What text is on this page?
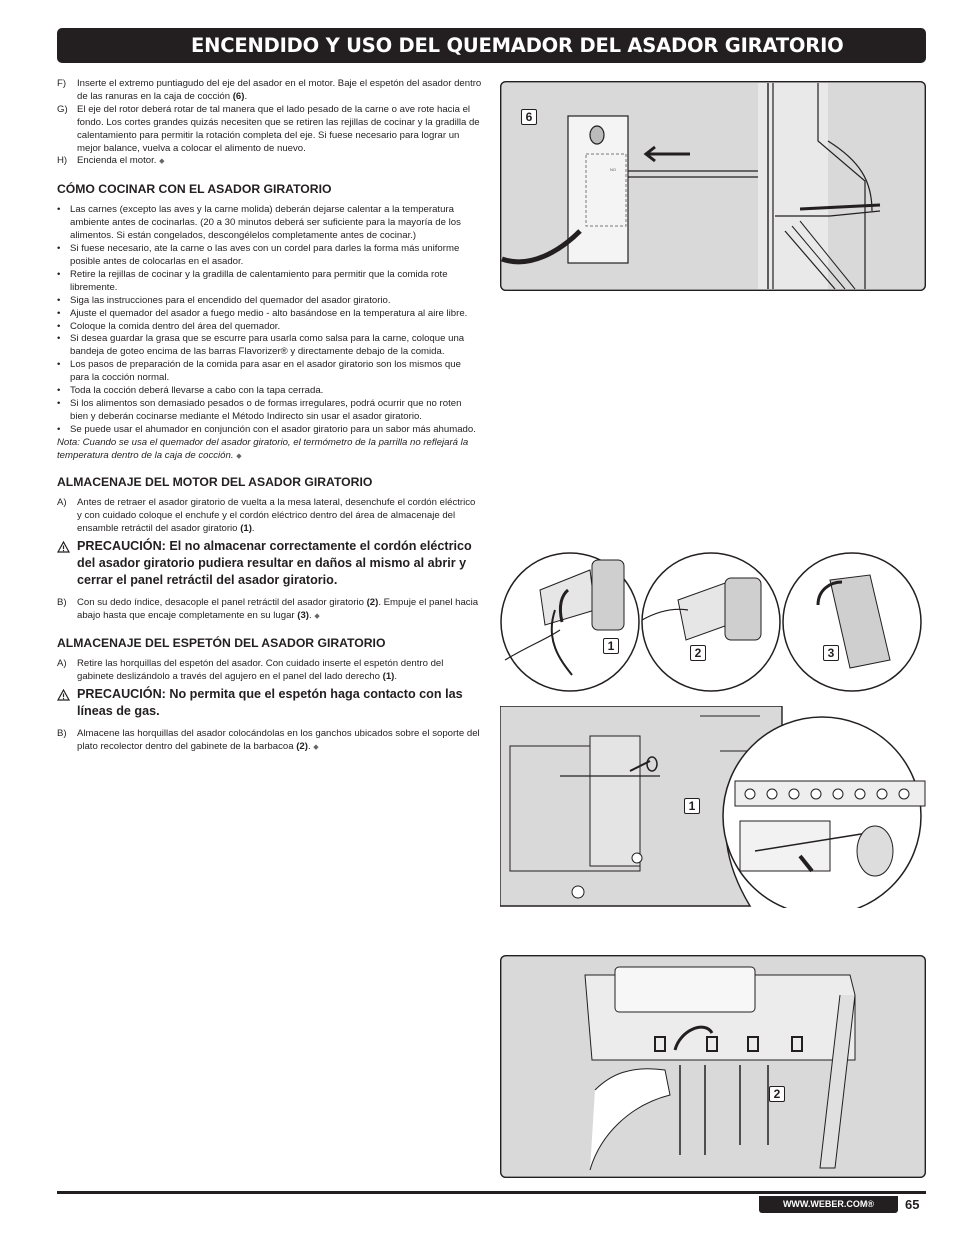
ENCENDIDO Y USO DEL QUEMADOR DEL ASADOR GIRATORIO
F)	Inserte el extremo puntiagudo del eje del asador en el motor. Baje el espetón del asador dentro de las ranuras en la caja de cocción (6).
G) El eje del rotor deberá rotar de tal manera que el lado pesado de la carne o ave rote hacia el fondo. Los cortes grandes quizás necesiten que se retiren las rejillas de cocinar y la gradilla de calentamiento para permitir la rotación completa del eje. Si fuese necesario para lograr un mejor balance, vuelva a colocar el alimento de nuevo.
H)	Encienda el motor. ◆
CÓMO COCINAR CON EL ASADOR GIRATORIO
•	Las carnes (excepto las aves y la carne molida) deberán dejarse calentar a la temperatura ambiente antes de cocinarlas. (20 a 30 minutos deberá ser suficiente para la mayoría de los alimentos. Si están congelados, descongélelos completamente antes de cocinar.)
•	Si fuese necesario, ate la carne o las aves con un cordel para darles la forma más uniforme posible antes de colocarlas en el asador.
•	Retire la rejillas de cocinar y la gradilla de calentamiento para permitir que la comida rote libremente.
•	Siga las instrucciones para el encendido del quemador del asador giratorio.
•	Ajuste el quemador del asador a fuego medio - alto basándose en la temperatura al aire libre.
•	Coloque la comida dentro del área del quemador.
•	Si desea guardar la grasa que se escurre para usarla como salsa para la carne, coloque una bandeja de goteo encima de las barras Flavorizer® y directamente debajo de la comida.
•	Los pasos de preparación de la comida para asar en el asador giratorio son los mismos que para la cocción normal.
•	Toda la cocción deberá llevarse a cabo con la tapa cerrada.
•	Si los alimentos son demasiado pesados o de formas irregulares, podrá ocurrir que no roten bien y deberán cocinarse mediante el Método Indirecto sin usar el asador giratorio.
•	Se puede usar el ahumador en conjunción con el asador giratorio para un sabor más ahumado.

Nota: Cuando se usa el quemador del asador giratorio, el termómetro de la parrilla no reflejará la temperatura dentro de la caja de cocción. ◆

ALMACENAJE DEL MOTOR DEL ASADOR GIRATORIO
A)	Antes de retraer el asador giratorio de vuelta a la mesa lateral, desenchufe el cordón eléctrico y con cuidado coloque el enchufe y el cordón eléctrico dentro del área de almacenaje del ensamble retráctil del asador giratorio (1).
PRECAUCIÓN: El no almacenar correctamente el cordón eléctrico del asador giratorio pudiera resultar en daños al mismo al abrir y cerrar el panel retráctil del asador giratorio.
B)	Con su dedo índice, desacople el panel retráctil del asador giratorio (2). Empuje el panel hacia abajo hasta que encaje completamente en su lugar (3). ◆
ALMACENAJE DEL ESPETÓN DEL ASADOR GIRATORIO
A)	Retire las horquillas del espetón del asador. Con cuidado inserte el espetón dentro del gabinete deslizándolo a través del agujero en el panel del lado derecho (1).
PRECAUCIÓN: No permita que el espetón haga contacto con las líneas de gas.
B)	Almacene las horquillas del asador colocándolas en los ganchos ubicados sobre el soporte del plato recolector dentro del gabinete de la barbacoa (2). ◆
6
NO
1	2	3
1
2
WWW.WEBER.COM®	65
